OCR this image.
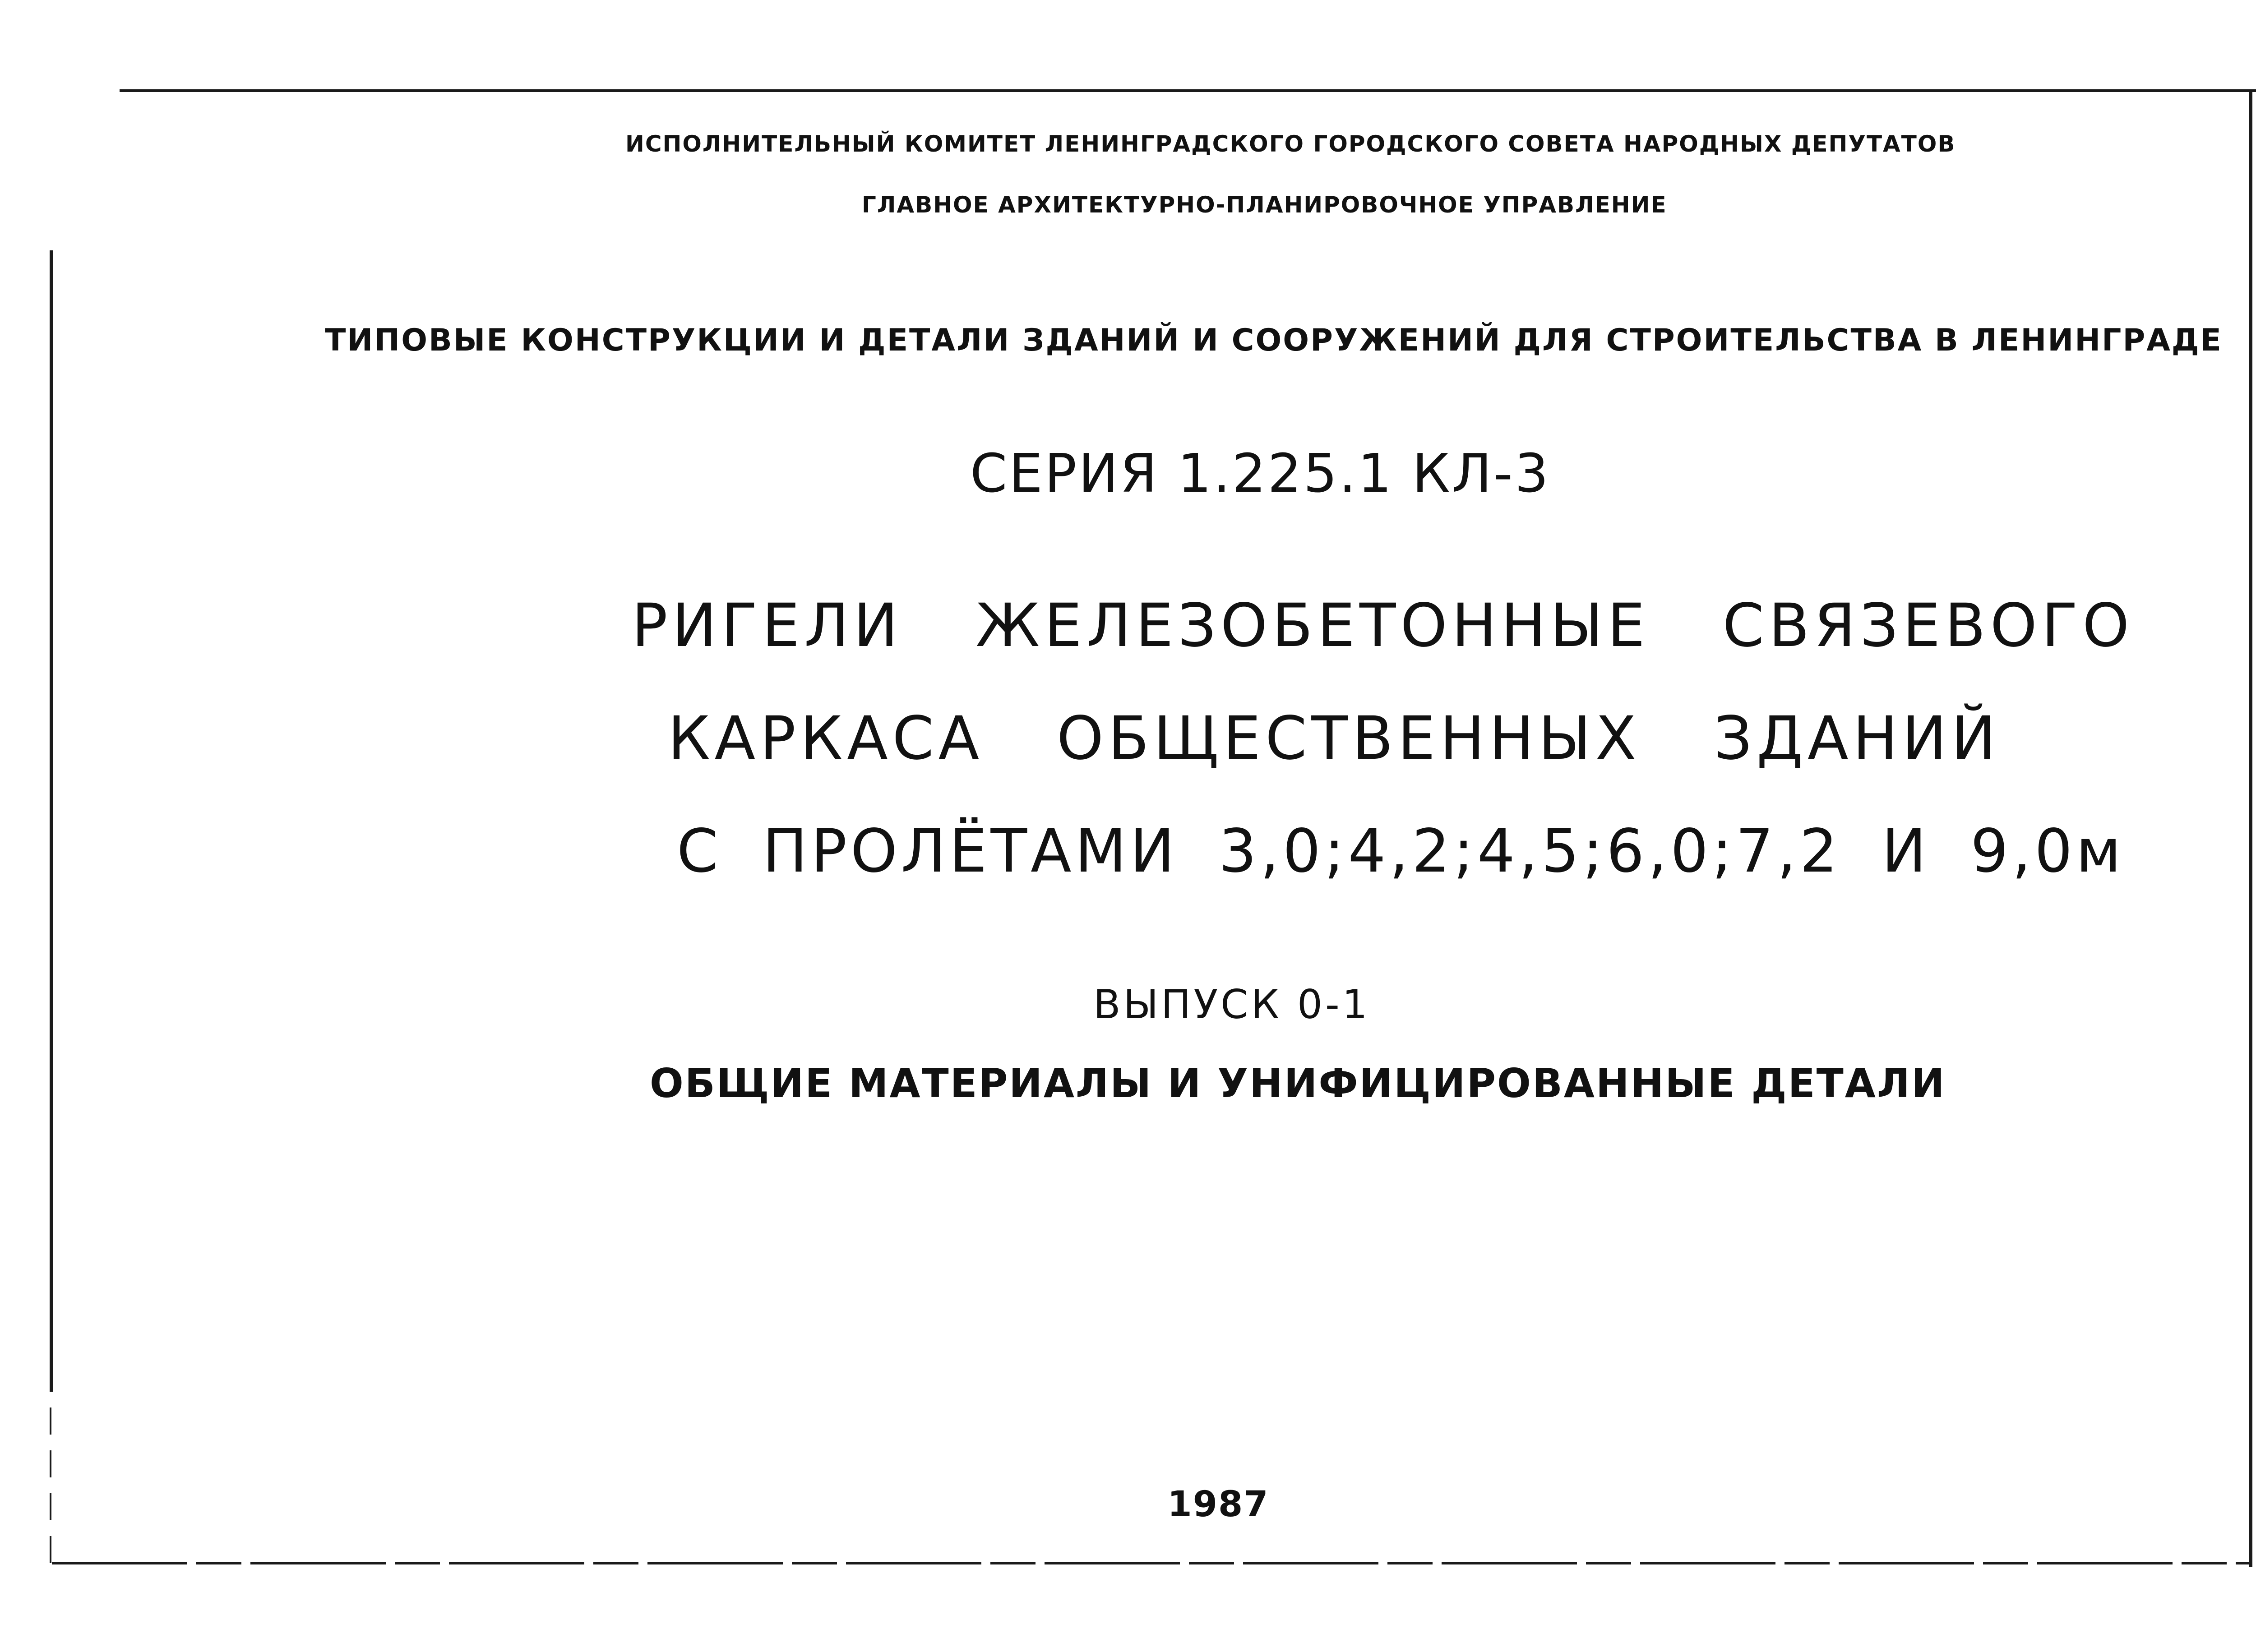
ИСПОЛНИТЕЛЬНЫЙ КОМИТЕТ ЛЕНИНГРАДСКОГО ГОРОДСКОГО СОВЕТА НАРОДНЫХ ДЕПУТАТОВ
ГЛАВНОЕ АРХИТЕКТУРНО-ПЛАНИРОВОЧНОЕ УПРАВЛЕНИЕ
ТИПОВЫЕ КОНСТРУКЦИИ И ДЕТАЛИ ЗДАНИЙ И СООРУЖЕНИЙ ДЛЯ СТРОИТЕЛЬСТВА В ЛЕНИНГРАДЕ
СЕРИЯ 1.225.1 КЛ-3
РИГЕЛИ ЖЕЛЕЗОБЕТОННЫЕ СВЯЗЕВОГО
КАРКАСА ОБЩЕСТВЕННЫХ ЗДАНИЙ
С ПРОЛЁТАМИ 3,0;4,2;4,5;6,0;7,2 И 9,0м
ВЫПУСК 0-1
ОБЩИЕ МАТЕРИАЛЫ И УНИФИЦИРОВАННЫЕ ДЕТАЛИ
1987
